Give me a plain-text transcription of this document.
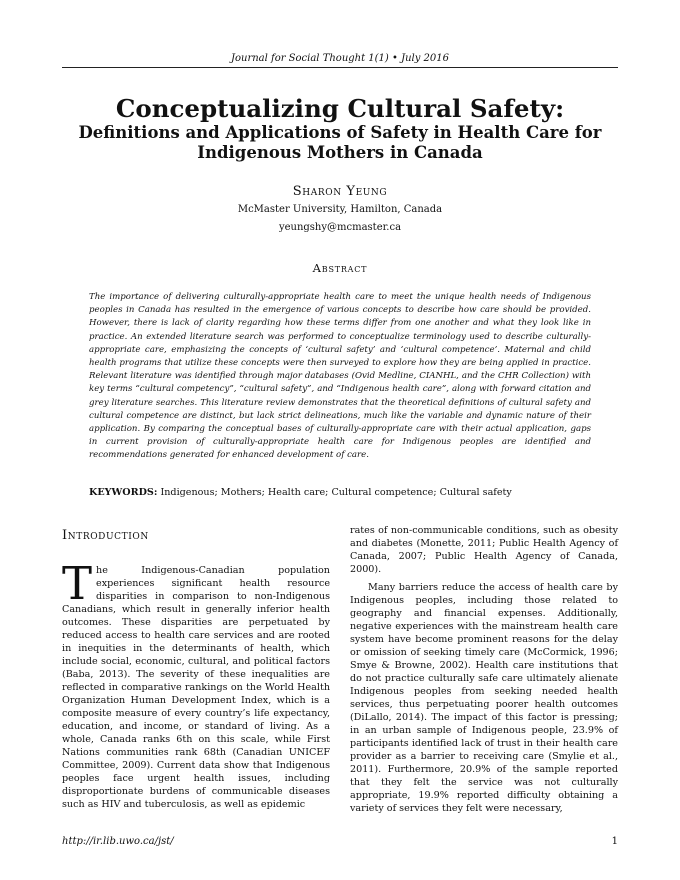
Journal for Social Thought 1(1) • July 2016
Conceptualizing Cultural Safety:
Definitions and Applications of Safety in Health Care for Indigenous Mothers in Canada
Sharon Yeung
McMaster University, Hamilton, Canada
yeungshy@mcmaster.ca
Abstract

The importance of delivering culturally-appropriate health care to meet the unique health needs of Indigenous peoples in Canada has resulted in the emergence of various concepts to describe how care should be provided. However, there is lack of clarity regarding how these terms differ from one another and what they look like in practice. An extended literature search was performed to conceptualize terminology used to describe culturally-appropriate care, emphasizing the concepts of ‘cultural safety’ and ‘cultural competence’. Maternal and child health programs that utilize these concepts were then surveyed to explore how they are being applied in practice. Relevant literature was identified through major databases (Ovid Medline, CIANHL, and the CHR Collection) with key terms “cultural competency”, “cultural safety”, and “Indigenous health care”, along with forward citation and grey literature searches. This literature review demonstrates that the theoretical definitions of cultural safety and cultural competence are distinct, but lack strict delineations, much like the variable and dynamic nature of their application. By comparing the conceptual bases of culturally-appropriate care with their actual application, gaps in current provision of culturally-appropriate health care for Indigenous peoples are identified and recommendations generated for enhanced development of care.

KEYWORDS: Indigenous; Mothers; Health care; Cultural competence; Cultural safety
Introduction

The Indigenous-Canadian population experiences significant health resource disparities in comparison to non-Indigenous Canadians, which result in generally inferior health outcomes. These disparities are perpetuated by reduced access to health care services and are rooted in inequities in the determinants of health, which include social, economic, cultural, and political factors (Baba, 2013). The severity of these inequalities are reflected in comparative rankings on the World Health Organization Human Development Index, which is a composite measure of every country’s life expectancy, education, and income, or standard of living. As a whole, Canada ranks 6th on this scale, while First Nations communities rank 68th (Canadian UNICEF Committee, 2009). Current data show that Indigenous peoples face urgent health issues, including disproportionate burdens of communicable diseases such as HIV and tuberculosis, as well as epidemic

rates of non-communicable conditions, such as obesity and diabetes (Monette, 2011; Public Health Agency of Canada, 2007; Public Health Agency of Canada, 2000).

Many barriers reduce the access of health care by Indigenous peoples, including those related to geography and financial expenses. Additionally, negative experiences with the mainstream health care system have become prominent reasons for the delay or omission of seeking timely care (McCormick, 1996; Smye & Browne, 2002). Health care institutions that do not practice culturally safe care ultimately alienate Indigenous peoples from seeking needed health services, thus perpetuating poorer health outcomes (DiLallo, 2014). The impact of this factor is pressing; in an urban sample of Indigenous people, 23.9% of participants identified lack of trust in their health care provider as a barrier to receiving care (Smylie et al., 2011). Furthermore, 20.9% of the sample reported that they felt the service was not culturally appropriate, 19.9% reported difficulty obtaining a variety of services they felt were necessary,

http://ir.lib.uwo.ca/jst/	1
